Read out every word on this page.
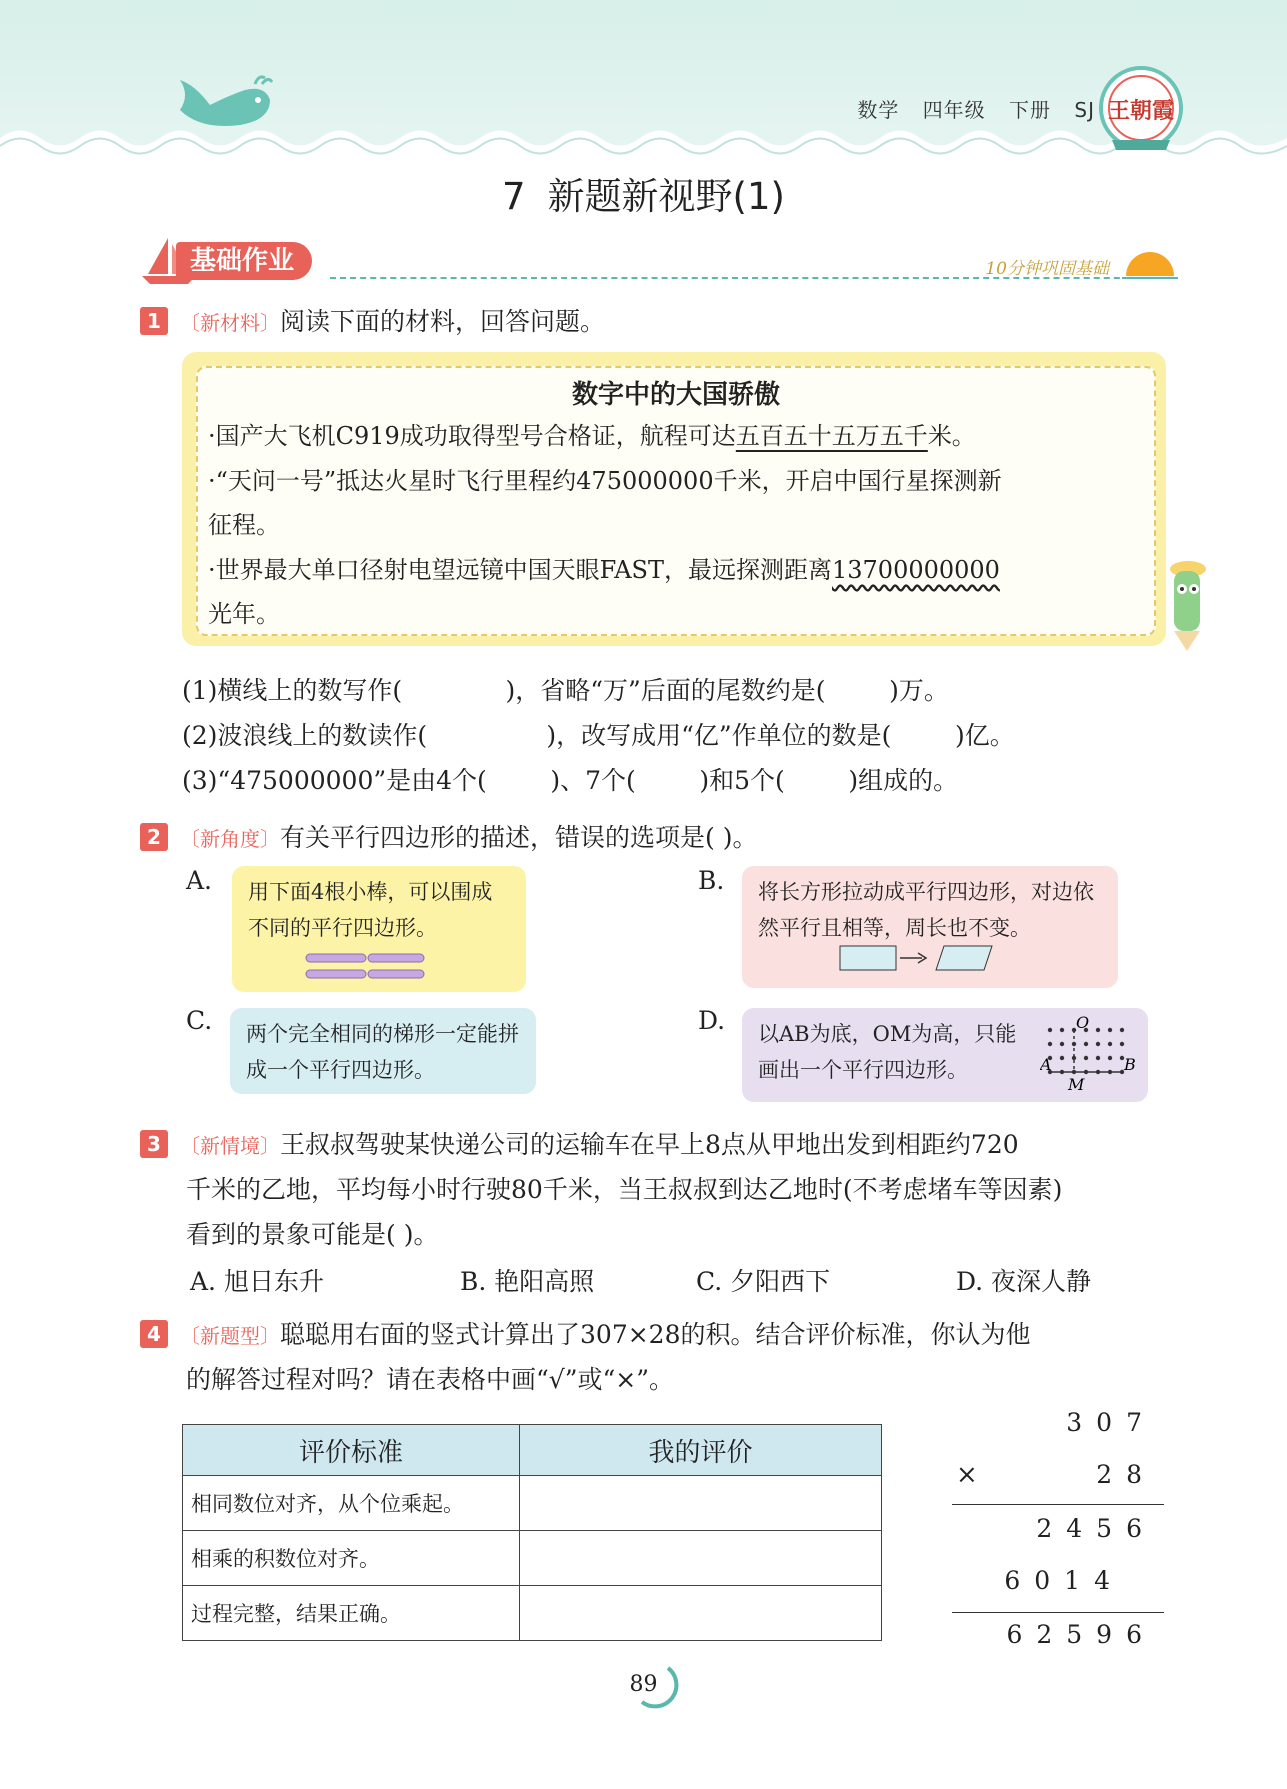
数学 四年级 下册 SJ 王朝霞
7 新题新视野(1)
基础作业	10分钟巩固基础
1 〔新材料〕阅读下面的材料，回答问题。
数字中的大国骄傲
·国产大飞机C919成功取得型号合格证，航程可达五百五十五万五千米。
·“天问一号”抵达火星时飞行里程约475000000千米，开启中国行星探测新
征程。
·世界最大单口径射电望远镜中国天眼FAST，最远探测距离13700000000
光年。
(1)横线上的数写作(             )，省略“万”后面的尾数约是(        )万。
(2)波浪线上的数读作(               )，改写成用“亿”作单位的数是(        )亿。
(3)“475000000”是由4个(        )、7个(        )和5个(        )组成的。
2 〔新角度〕有关平行四边形的描述，错误的选项是( )。
A. 用下面4根小棒，可以围成不同的平行四边形。
B. 将长方形拉动成平行四边形，对边依然平行且相等，周长也不变。
C. 两个完全相同的梯形一定能拼成一个平行四边形。
D. 以AB为底，OM为高，只能画出一个平行四边形。
O
A	B
M
3 〔新情境〕王叔叔驾驶某快递公司的运输车在早上8点从甲地出发到相距约720
千米的乙地，平均每小时行驶80千米，当王叔叔到达乙地时(不考虑堵车等因素)
看到的景象可能是( )。
A. 旭日东升	B. 艳阳高照	C. 夕阳西下	D. 夜深人静
4 〔新题型〕聪聪用右面的竖式计算出了307×28的积。结合评价标准，你认为他
的解答过程对吗？请在表格中画“√”或“×”。
评价标准	我的评价
相同数位对齐，从个位乘起。	
相乘的积数位对齐。	
过程完整，结果正确。	
307
×	28
2456
6014
62596
89
